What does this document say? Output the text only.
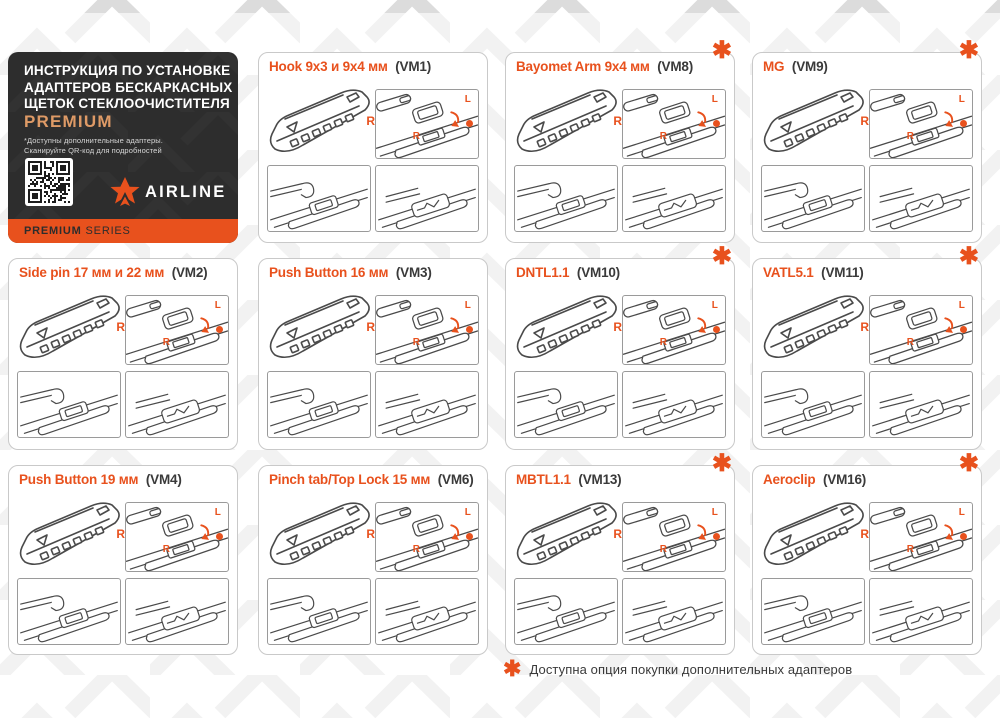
ИНСТРУКЦИЯ ПО УСТАНОВКЕ
АДАПТЕРОВ БЕСКАРКАСНЫХ
ЩЕТОК СТЕКЛООЧИСТИТЕЛЯ
PREMIUM
*Доступны дополнительные адаптеры.
Сканируйте QR-код для подробностей
AIRLINE
PREMIUM SERIES
Hook 9x3 и 9x4 мм (VM1)
R
R
L
✱
Bayomet Arm 9x4 мм (VM8)
R
R
L
✱
MG (VM9)
R
R
L
Side pin 17 мм и 22 мм (VM2)
R
R
L
Push Button 16 мм (VM3)
R
R
L
✱
DNTL1.1 (VM10)
R
R
L
✱
VATL5.1 (VM11)
R
R
L
Push Button 19 мм (VM4)
R
R
L
Pinch tab/Top Lock 15 мм (VM6)
R
R
L
✱
MBTL1.1 (VM13)
R
R
L
✱
Aeroclip (VM16)
R
R
L
✱ Доступна опция покупки дополнительных адаптеров
